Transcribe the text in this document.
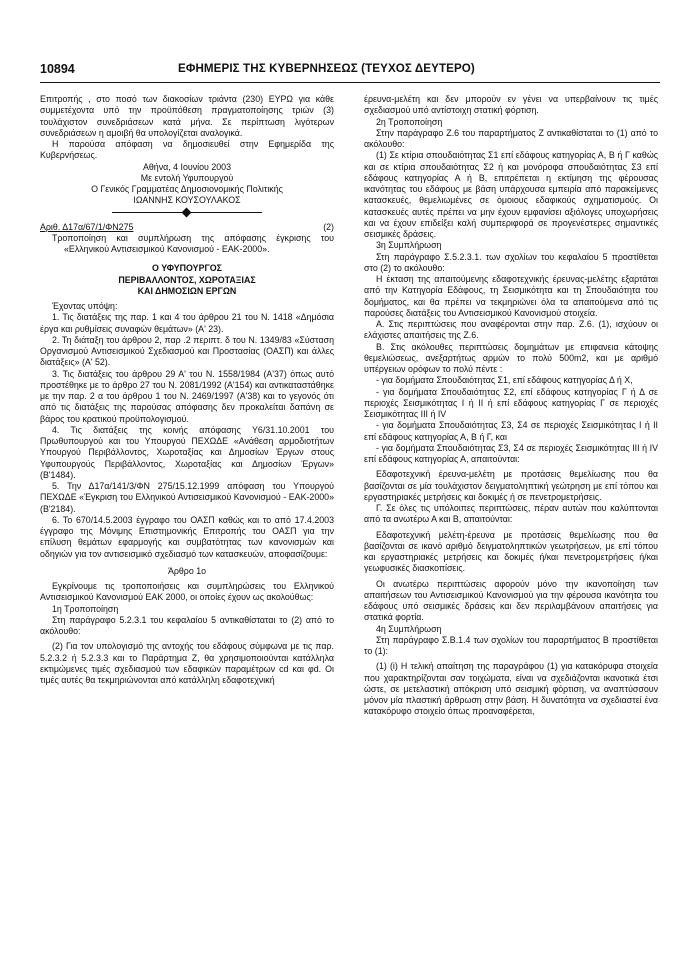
10894	ΕΦΗΜΕΡΙΣ ΤΗΣ ΚΥΒΕΡΝΗΣΕΩΣ (ΤΕΥΧΟΣ ΔΕΥΤΕΡΟ)

Επιτροπής , στο ποσό των διακοσίων τριάντα (230) ΕΥΡΩ για κάθε συμμετέχοντα υπό την προϋπόθεση πραγματοποίησης τριών (3) τουλάχιστον συνεδριάσεων κατά μήνα. Σε περίπτωση λιγότερων συνεδριάσεων η αμοιβή θα υπολογίζεται αναλογικά.

Η παρούσα απόφαση να δημοσιευθεί στην Εφημερίδα της Κυβερνήσεως.

Αθήνα, 4 Ιουνίου 2003

Με εντολή Υφυπουργού

Ο Γενικός Γραμματέας Δημοσιονομικής Πολιτικής

ΙΩΑΝΝΗΣ ΚΟΥΣΟΥΛΑΚΟΣ

Αριθ. Δ17α/67/1/ΦΝ275	(2)

Τροποποίηση και συμπλήρωση της απόφασης έγκρισης του «Ελληνικού Αντισεισμικού Κανονισμού - ΕΑΚ-2000».

Ο ΥΦΥΠΟΥΡΓΟΣ

ΠΕΡΙΒΑΛΛΟΝΤΟΣ, ΧΩΡΟΤΑΞΙΑΣ

ΚΑΙ ΔΗΜΟΣΙΩΝ ΕΡΓΩΝ

Έχοντας υπόψη:

1. Τις διατάξεις της παρ. 1 και 4 του άρθρου 21 του Ν. 1418 «Δημόσια έργα και ρυθμίσεις συναφών θεμάτων» (Α' 23).

2. Τη διάταξη του άρθρου 2, παρ .2 περιπτ. δ του Ν. 1349/83 «Σύσταση Οργανισμού Αντισεισμικού Σχεδιασμού και Προστασίας (ΟΑΣΠ) και άλλες διατάξεις» (Α' 52).

3. Τις διατάξεις του άρθρου 29 Α' του Ν. 1558/1984 (Α'37) όπως αυτό προστέθηκε με το άρθρο 27 του Ν. 2081/1992 (Α'154) και αντικαταστάθηκε με την παρ. 2 α του άρθρου 1 του Ν. 2469/1997 (Α'38) και το γεγονός ότι από τις διατάξεις της παρούσας απόφασης δεν προκαλείται δαπάνη σε βάρος του κρατικού προϋπολογισμού.

4. Τις διατάξεις της κοινής απόφασης Υ6/31.10.2001 του Πρωθυπουργού και του Υπουργού ΠΕΧΩΔΕ «Ανάθεση αρμοδιοτήτων Υπουργού Περιβάλλοντος, Χωροταξίας και Δημοσίων Έργων στους Υφυπουργούς Περιβάλλοντος, Χωροταξίας και Δημοσίων Έργων» (Β'1484).

5. Την Δ17α/141/3/ΦΝ 275/15.12.1999 απόφαση του Υπουργού ΠΕΧΩΔΕ «Έγκριση του Ελληνικού Αντισεισμικού Κανονισμού - ΕΑΚ-2000» (Β'2184).

6. Το 670/14.5.2003 έγγραφο του ΟΑΣΠ καθώς και το από 17.4.2003 έγγραφο της Μόνιμης Επιστημονικής Επιτροπής του ΟΑΣΠ για την επίλυση θεμάτων εφαρμογής και συμβατότητας των κανονισμών και οδηγιών για τον αντισεισμικό σχεδιασμό των κατασκευών, αποφασίζουμε:

Άρθρο 1ο

Εγκρίνουμε τις τροποποιήσεις και συμπληρώσεις του Ελληνικού Αντισεισμικού Κανονισμού ΕΑΚ 2000, οι οποίες έχουν ως ακολούθως:

1η Τροποποίηση

Στη παράγραφο 5.2.3.1 του κεφαλαίου 5 αντικαθίσταται το (2) από το ακόλουθο:

(2) Για τον υπολογισμό της αντοχής του εδάφους σύμφωνα με τις παρ. 5.2.3.2 ή 5.2.3.3 και το Παράρτημα Ζ, θα χρησιμοποιούνται κατάλληλα εκτιμώμενες τιμές σχεδιασμού των εδαφικών παραμέτρων cd και φd. Οι τιμές αυτές θα τεκμηριώνονται από κατάλληλη εδαφοτεχνική

έρευνα-μελέτη και δεν μπορούν εν γένει να υπερβαίνουν τις τιμές σχεδιασμού υπό αντίστοιχη στατική φόρτιση.

2η Τροποποίηση

Στην παράγραφο Ζ.6 του παραρτήματος Ζ αντικαθίσταται το (1) από το ακόλουθο:

(1) Σε κτίρια σπουδαιότητας Σ1 επί εδάφους κατηγορίας Α, Β ή Γ καθώς και σε κτίρια σπουδαιότητας Σ2 ή και μονόροφα σπουδαιότητας Σ3 επί εδάφους κατηγορίας Α ή Β, επιτρέπεται η εκτίμηση της φέρουσας ικανότητας του εδάφους με βάση υπάρχουσα εμπειρία από παρακείμενες κατασκευές, θεμελιωμένες σε όμοιους εδαφικούς σχηματισμούς. Οι κατασκευές αυτές πρέπει να μην έχουν εμφανίσει αξιόλογες υποχωρήσεις και να έχουν επιδείξει καλή συμπεριφορά σε προγενέστερες σημαντικές σεισμικές δράσεις.

3η Συμπλήρωση

Στη παράγραφο Σ.5.2.3.1. των σχολίων του κεφαλαίου 5 προστίθεται στο (2) το ακόλουθο:

Η έκταση της απαιτούμενης εδαφοτεχνικής έρευνας-μελέτης εξαρτάται από την Κατηγορία Εδάφους, τη Σεισμικότητα και τη Σπουδαιότητα του δομήματος, και θα πρέπει να τεκμηριώνει όλα τα απαιτούμενα από τις παρούσες διατάξεις του Αντισεισμικού Κανονισμού στοιχεία.

Α. Στις περιπτώσεις που αναφέρονται στην παρ. Ζ.6. (1), ισχύουν οι ελάχιστες απαιτήσεις της Ζ.6.

Β. Στις ακόλουθες περιπτώσεις δομημάτων με επιφανεια κάτοψης θεμελιώσεως, ανεξαρτήτως αρμών το πολύ 500m2, και με αριθμό υπέργειων ορόφων το πολύ πέντε :

- για δομήματα Σπουδαιότητας Σ1, επί εδάφους κατηγορίας Δ ή Χ,

- για δομήματα Σπουδαιότητας Σ2, επί εδάφους κατηγορίας Γ ή Δ σε περιοχές Σεισμικότητας Ι ή ΙΙ ή επί εδάφους κατηγορίας Γ σε περιοχές Σεισμικότητας ΙΙΙ ή IV

- για δομήματα Σπουδαιότητας Σ3, Σ4 σε περιοχές Σεισμικότητας Ι ή ΙΙ επί εδάφους κατηγορίας Α, Β ή Γ, και

- για δομήματα Σπουδαιότητας Σ3, Σ4 σε περιοχές Σεισμικότητας ΙΙΙ ή IV επί εδάφους κατηγορίας Α, απαιτούνται:

Εδαφοτεχνική έρευνα-μελέτη με προτάσεις θεμελίωσης που θα βασίζονται σε μία τουλάχιστον δειγματοληπτική γεώτρηση με επί τόπου και εργαστηριακές μετρήσεις και δοκιμές ή σε πενετρομετρήσεις.

Γ. Σε όλες τις υπόλοιπες περιπτώσεις, πέραν αυτών που καλύπτονται από τα ανωτέρω Α και Β, απαιτούνται:

Εδαφοτεχνική μελέτη-έρευνα με προτάσεις θεμελίωσης που θα βασίζονται σε ικανό αριθμό δειγματοληπτικών γεωτρήσεων, με επί τόπου και εργαστηριακές μετρήσεις και δοκιμές ή/και πενετρομετρήσεις ή/και γεωφυσικές διασκοπίσεις.

Οι ανωτέρω περιπτώσεις αφορούν μόνο την ικανοποίηση των απαιτήσεων του Αντισεισμικού Κανονισμού για την φέρουσα ικανότητα του εδάφους υπό σεισμικές δράσεις και δεν περιλαμβάνουν απαιτήσεις για στατικά φορτία.

4η Συμπλήρωση

Στη παράγραφο Σ.Β.1.4 των σχολίων του παραρτήματος Β προστίθεται το (1):

(1) (i) Η τελική απαίτηση της παραγράφου (1) για κατακόρυφα στοιχεία που χαρακτηρίζονται σαν τοιχώματα, είναι να σχεδιάζονται ικανοτικά έτσι ώστε, σε μετελαστική απόκριση υπό σεισμική φόρτιση, να αναπτύσσουν μόνον μία πλαστική άρθρωση στην βάση. Η δυνατότητα να σχεδιαστεί ένα κατακόρυφο στοιχείο όπως προαναφέρεται,
